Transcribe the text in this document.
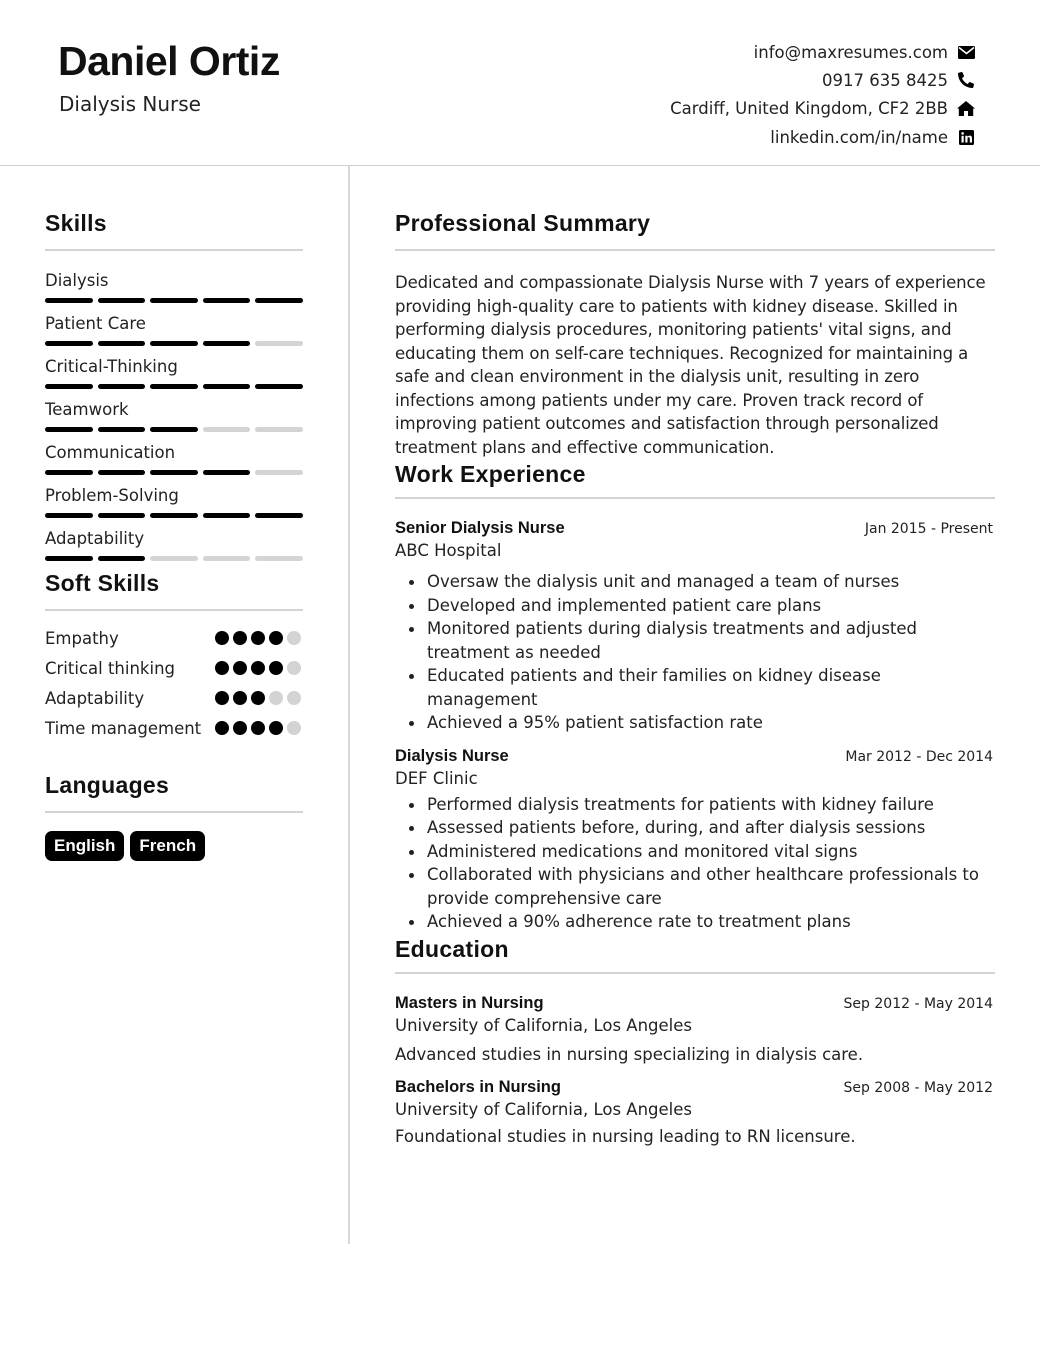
Daniel Ortiz
Dialysis Nurse
info@maxresumes.com
0917 635 8425
Cardiff, United Kingdom, CF2 2BB
linkedin.com/in/name
Skills
Dialysis
Patient Care
Critical-Thinking
Teamwork
Communication
Problem-Solving
Adaptability
Soft Skills
Empathy
Critical thinking
Adaptability
Time management
Languages
English	French
Professional Summary

Dedicated and compassionate Dialysis Nurse with 7 years of experience providing high-quality care to patients with kidney disease. Skilled in performing dialysis procedures, monitoring patients' vital signs, and educating them on self-care techniques. Recognized for maintaining a safe and clean environment in the dialysis unit, resulting in zero infections among patients under my care. Proven track record of improving patient outcomes and satisfaction through personalized treatment plans and effective communication.

Work Experience
Senior Dialysis Nurse	Jan 2015 - Present
ABC Hospital
Oversaw the dialysis unit and managed a team of nurses
Developed and implemented patient care plans
Monitored patients during dialysis treatments and adjusted treatment as needed
Educated patients and their families on kidney disease management
Achieved a 95% patient satisfaction rate
Dialysis Nurse	Mar 2012 - Dec 2014
DEF Clinic
Performed dialysis treatments for patients with kidney failure
Assessed patients before, during, and after dialysis sessions
Administered medications and monitored vital signs
Collaborated with physicians and other healthcare professionals to provide comprehensive care
Achieved a 90% adherence rate to treatment plans
Education
Masters in Nursing	Sep 2012 - May 2014
University of California, Los Angeles
Advanced studies in nursing specializing in dialysis care.
Bachelors in Nursing	Sep 2008 - May 2012
University of California, Los Angeles
Foundational studies in nursing leading to RN licensure.
